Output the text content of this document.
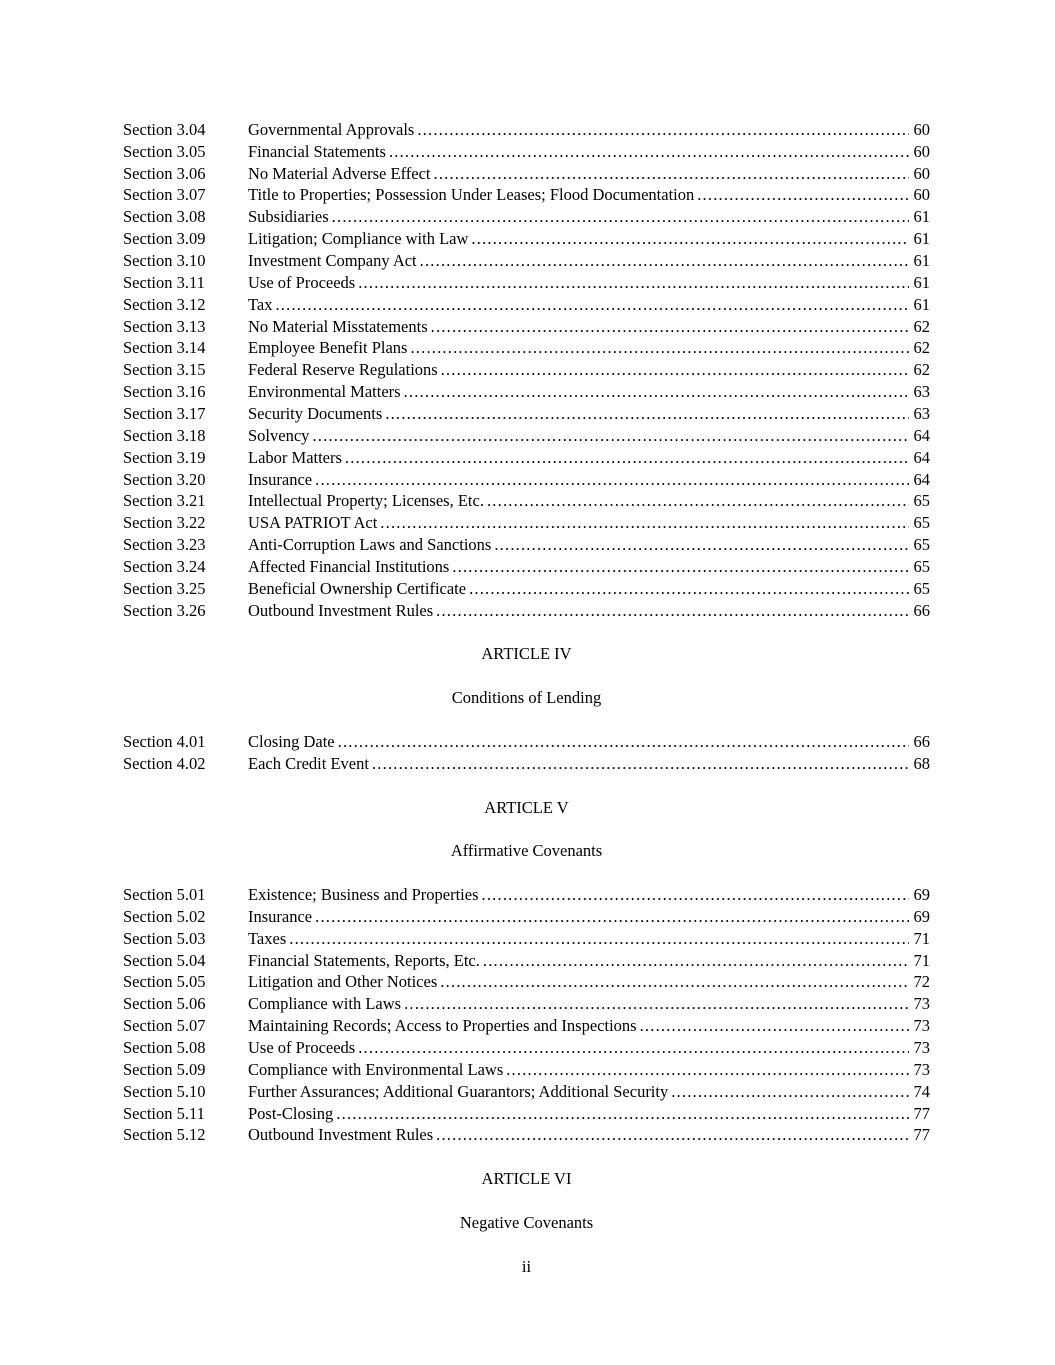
Section 3.04	Governmental Approvals .....	60
Section 3.05	Financial Statements .....	60
Section 3.06	No Material Adverse Effect .....	60
Section 3.07	Title to Properties; Possession Under Leases; Flood Documentation .....	60
Section 3.08	Subsidiaries .....	61
Section 3.09	Litigation; Compliance with Law .....	61
Section 3.10	Investment Company Act .....	61
Section 3.11	Use of Proceeds .....	61
Section 3.12	Tax .....	61
Section 3.13	No Material Misstatements .....	62
Section 3.14	Employee Benefit Plans .....	62
Section 3.15	Federal Reserve Regulations .....	62
Section 3.16	Environmental Matters .....	63
Section 3.17	Security Documents .....	63
Section 3.18	Solvency .....	64
Section 3.19	Labor Matters .....	64
Section 3.20	Insurance .....	64
Section 3.21	Intellectual Property; Licenses, Etc. .....	65
Section 3.22	USA PATRIOT Act .....	65
Section 3.23	Anti-Corruption Laws and Sanctions .....	65
Section 3.24	Affected Financial Institutions .....	65
Section 3.25	Beneficial Ownership Certificate .....	65
Section 3.26	Outbound Investment Rules .....	66
ARTICLE IV
Conditions of Lending
Section 4.01	Closing Date .....	66
Section 4.02	Each Credit Event .....	68
ARTICLE V
Affirmative Covenants
Section 5.01	Existence; Business and Properties .....	69
Section 5.02	Insurance .....	69
Section 5.03	Taxes .....	71
Section 5.04	Financial Statements, Reports, Etc. .....	71
Section 5.05	Litigation and Other Notices .....	72
Section 5.06	Compliance with Laws .....	73
Section 5.07	Maintaining Records; Access to Properties and Inspections .....	73
Section 5.08	Use of Proceeds .....	73
Section 5.09	Compliance with Environmental Laws .....	73
Section 5.10	Further Assurances; Additional Guarantors; Additional Security .....	74
Section 5.11	Post-Closing .....	77
Section 5.12	Outbound Investment Rules .....	77
ARTICLE VI
Negative Covenants
ii
